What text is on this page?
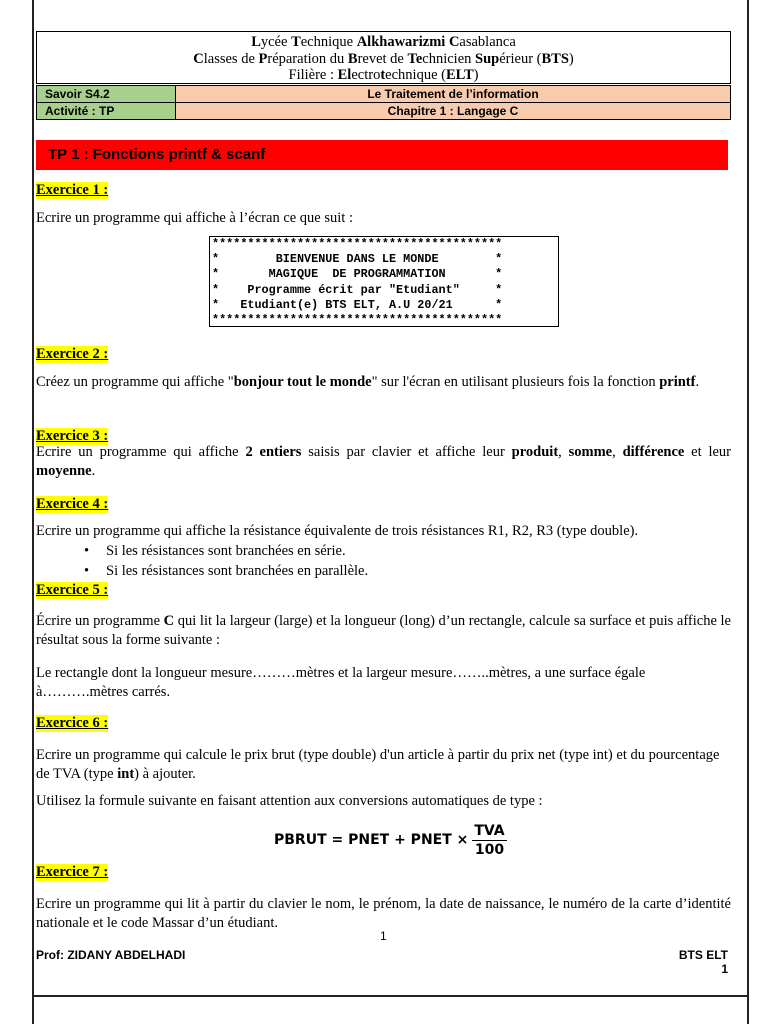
Lycée Technique Alkhawarizmi Casablanca
Classes de Préparation du Brevet de Technicien Supérieur (BTS)
Filière : Electrotechnique (ELT)
Savoir S4.2	Le Traitement de l’information
Activité : TP	Chapitre 1 : Langage C
TP 1 : Fonctions printf & scanf
Exercice 1 :
Ecrire un programme qui affiche à l’écran ce que suit :
*****************************************
*        BIENVENUE DANS LE MONDE        *
*       MAGIQUE  DE PROGRAMMATION       *
*    Programme écrit par "Etudiant"     *
*   Etudiant(e) BTS ELT, A.U 20/21      *
*****************************************
Exercice 2 :
Créez un programme qui affiche "bonjour tout le monde" sur l'écran en utilisant plusieurs fois la fonction printf.
Exercice 3 :
Ecrire un programme qui affiche 2 entiers saisis par clavier et affiche leur produit, somme, différence et leur moyenne.
Exercice 4 :
Ecrire un programme qui affiche la résistance équivalente de trois résistances R1, R2, R3 (type double).
• Si les résistances sont branchées en série.
• Si les résistances sont branchées en parallèle.
Exercice 5 :
Écrire un programme C qui lit la largeur (large) et la longueur (long) d’un rectangle, calcule sa surface et puis affiche le résultat sous la forme suivante :
Le rectangle dont la longueur mesure………mètres et la largeur mesure……..mètres, a une surface égale à……….mètres carrés.
Exercice 6 :
Ecrire un programme qui calcule le prix brut (type double) d'un article à partir du prix net (type int) et du pourcentage de TVA (type int) à ajouter.
Utilisez la formule suivante en faisant attention aux conversions automatiques de type :
PBRUT = PNET + PNET × $\frac{\text{TVA}}{100}$
Exercice 7 :
Ecrire un programme qui lit à partir du clavier le nom, le prénom, la date de naissance, le numéro de la carte d’identité nationale et le code Massar d’un étudiant.
1
Prof: ZIDANY ABDELHADI	BTS ELT 1
